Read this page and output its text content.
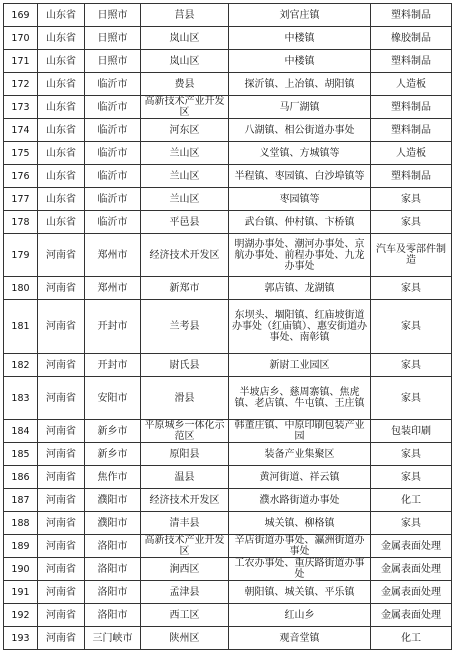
169	山东省	日照市	莒县	刘官庄镇	塑料制品
170	山东省	日照市	岚山区	中楼镇	橡胶制品
171	山东省	日照市	岚山区	中楼镇	塑料制品
172	山东省	临沂市	费县	探沂镇、上冶镇、胡阳镇	人造板
173	山东省	临沂市	高新技术产业开发区	马厂湖镇	塑料制品
174	山东省	临沂市	河东区	八湖镇、相公街道办事处	塑料制品
175	山东省	临沂市	兰山区	义堂镇、方城镇等	人造板
176	山东省	临沂市	兰山区	半程镇、枣园镇、白沙埠镇等	塑料制品
177	山东省	临沂市	兰山区	枣园镇等	家具
178	山东省	临沂市	平邑县	武台镇、仲村镇、卞桥镇	家具
179	河南省	郑州市	经济技术开发区	明湖办事处、潮河办事处、京航办事处、前程办事处、九龙办事处	汽车及零部件制造
180	河南省	郑州市	新郑市	郭店镇、龙湖镇	家具
181	河南省	开封市	兰考县	东坝头、堌阳镇、红庙坡街道办事处（红庙镇）、惠安街道办事处、南彰镇	家具
182	河南省	开封市	尉氏县	新尉工业园区	家具
183	河南省	安阳市	滑县	半坡店乡、慈周寨镇、焦虎镇、老店镇、牛屯镇、王庄镇	家具
184	河南省	新乡市	平原城乡一体化示范区	韩董庄镇、中原印刷包装产业园	包装印刷
185	河南省	新乡市	原阳县	装备产业集聚区	家具
186	河南省	焦作市	温县	黄河街道、祥云镇	家具
187	河南省	濮阳市	经济技术开发区	濮水路街道办事处	化工
188	河南省	濮阳市	清丰县	城关镇、柳格镇	家具
189	河南省	洛阳市	高新技术产业开发区	辛店街道办事处、瀛洲街道办事处	金属表面处理
190	河南省	洛阳市	涧西区	工农办事处、重庆路街道办事处	金属表面处理
191	河南省	洛阳市	孟津县	朝阳镇、城关镇、平乐镇	金属表面处理
192	河南省	洛阳市	西工区	红山乡	金属表面处理
193	河南省	三门峡市	陕州区	观音堂镇	化工
